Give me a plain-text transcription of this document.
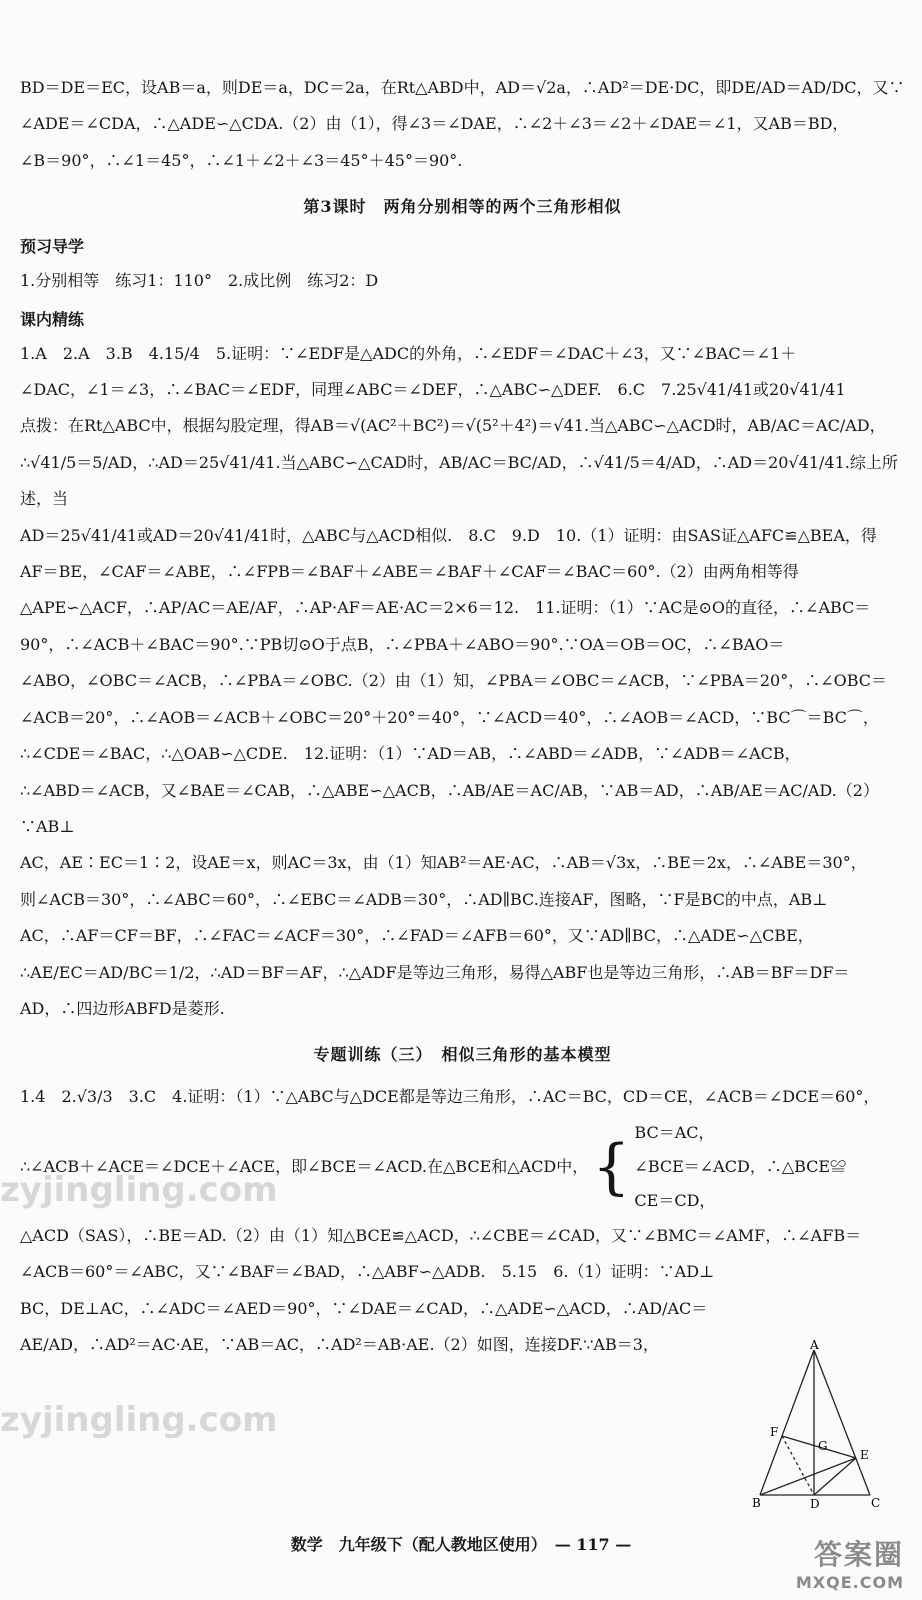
BD＝DE＝EC，设AB＝a，则DE＝a，DC＝2a，在Rt△ABD中，AD＝√2a，∴AD²＝DE·DC，即DE/AD＝AD/DC，又∵

∠ADE＝∠CDA，∴△ADE∽△CDA.（2）由（1），得∠3＝∠DAE，∴∠2＋∠3＝∠2＋∠DAE＝∠1，又AB＝BD，

∠B＝90°，∴∠1＝45°，∴∠1＋∠2＋∠3＝45°＋45°＝90°.

第3课时　两角分别相等的两个三角形相似
预习导学

1.分别相等　练习1：110°　2.成比例　练习2：D

课内精练

1.A　2.A　3.B　4.15/4　5.证明：∵∠EDF是△ADC的外角，∴∠EDF＝∠DAC＋∠3，又∵∠BAC＝∠1＋

∠DAC，∠1＝∠3，∴∠BAC＝∠EDF，同理∠ABC＝∠DEF，∴△ABC∽△DEF.　6.C　7.25√41/41或20√41/41

点拨：在Rt△ABC中，根据勾股定理，得AB＝√(AC²＋BC²)＝√(5²＋4²)＝√41.当△ABC∽△ACD时，AB/AC＝AC/AD，

∴√41/5＝5/AD，∴AD＝25√41/41.当△ABC∽△CAD时，AB/AC＝BC/AD，∴√41/5＝4/AD，∴AD＝20√41/41.综上所述，当

AD＝25√41/41或AD＝20√41/41时，△ABC与△ACD相似.　8.C　9.D　10.（1）证明：由SAS证△AFC≌△BEA，得

AF＝BE，∠CAF＝∠ABE，∴∠FPB＝∠BAF＋∠ABE＝∠BAF＋∠CAF＝∠BAC＝60°.（2）由两角相等得

△APE∽△ACF，∴AP/AC＝AE/AF，∴AP·AF＝AE·AC＝2×6＝12.　11.证明：（1）∵AC是⊙O的直径，∴∠ABC＝

90°，∴∠ACB＋∠BAC＝90°.∵PB切⊙O于点B，∴∠PBA＋∠ABO＝90°.∵OA＝OB＝OC，∴∠BAO＝

∠ABO，∠OBC＝∠ACB，∴∠PBA＝∠OBC.（2）由（1）知，∠PBA＝∠OBC＝∠ACB，∵∠PBA＝20°，∴∠OBC＝

∠ACB＝20°，∴∠AOB＝∠ACB＋∠OBC＝20°＋20°＝40°，∵∠ACD＝40°，∴∠AOB＝∠ACD，∵BC⌒＝BC⌒，

∴∠CDE＝∠BAC，∴△OAB∽△CDE.　12.证明：（1）∵AD＝AB，∴∠ABD＝∠ADB，∵∠ADB＝∠ACB，

∴∠ABD＝∠ACB，又∠BAE＝∠CAB，∴△ABE∽△ACB，∴AB/AE＝AC/AB，∵AB＝AD，∴AB/AE＝AC/AD.（2）∵AB⊥

AC，AE∶EC＝1∶2，设AE＝x，则AC＝3x，由（1）知AB²＝AE·AC，∴AB＝√3x，∴BE＝2x，∴∠ABE＝30°，

则∠ACB＝30°，∴∠ABC＝60°，∴∠EBC＝∠ADB＝30°，∴AD∥BC.连接AF，图略，∵F是BC的中点，AB⊥

AC，∴AF＝CF＝BF，∴∠FAC＝∠ACF＝30°，∴∠FAD＝∠AFB＝60°，又∵AD∥BC，∴△ADE∽△CBE，

∴AE/EC＝AD/BC＝1/2，∴AD＝BF＝AF，∴△ADF是等边三角形，易得△ABF也是等边三角形，∴AB＝BF＝DF＝

AD，∴四边形ABFD是菱形.

专题训练（三）　相似三角形的基本模型

1.4　2.√3/3　3.C　4.证明：（1）∵△ABC与△DCE都是等边三角形，∴AC＝BC，CD＝CE，∠ACB＝∠DCE＝60°，

∴∠ACB＋∠ACE＝∠DCE＋∠ACE，即∠BCE＝∠ACD.在△BCE和△ACD中， { BC＝AC，
∠BCE＝∠ACD，∴△BCE≌
CE＝CD，

△ACD（SAS），∴BE＝AD.（2）由（1）知△BCE≌△ACD，∴∠CBE＝∠CAD，又∵∠BMC＝∠AMF，∴∠AFB＝

∠ACB＝60°＝∠ABC，又∵∠BAF＝∠BAD，∴△ABF∽△ADB.　5.15　6.（1）证明：∵AD⊥

BC，DE⊥AC，∴∠ADC＝∠AED＝90°，∵∠DAE＝∠CAD，∴△ADE∽△ACD，∴AD/AC＝

AE/AD，∴AD²＝AC·AE，∵AB＝AC，∴AD²＝AB·AE.（2）如图，连接DF.∵AB＝3，	A
B	C
D
E
F
G
zyjingling.com
zyjingling.com
数学　九年级下（配人教地区使用）　— 117 —	答案圈
MXQE.COM
